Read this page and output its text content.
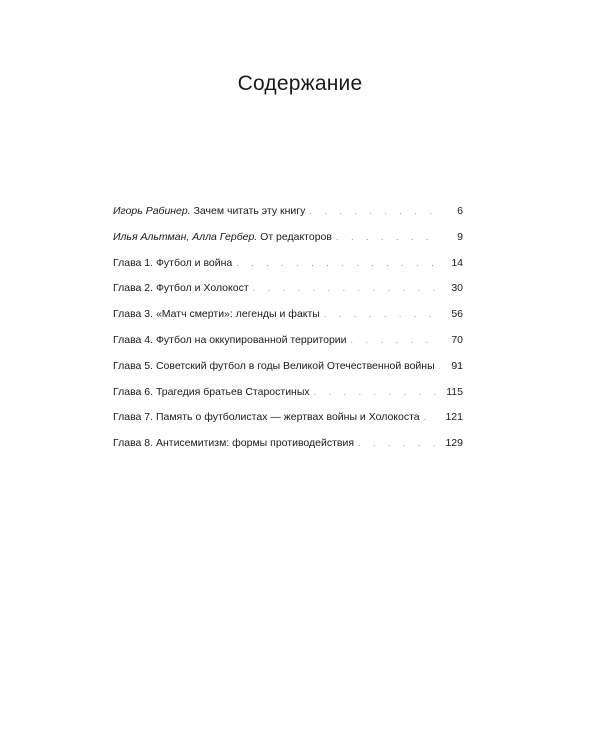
Содержание
Игорь Рабинер. Зачем читать эту книгу . . .	6
Илья Альтман, Алла Гербер. От редакторов . . .	9
Глава 1. Футбол и война . . .	14
Глава 2. Футбол и Холокост . . .	30
Глава 3. «Матч смерти»: легенды и факты . . .	56
Глава 4. Футбол на оккупированной территории . . .	70
Глава 5. Советский футбол в годы Великой Отечественной войны . . .	91
Глава 6. Трагедия братьев Старостиных . . .	115
Глава 7. Память о футболистах — жертвах войны и Холокоста . . . 121
Глава 8. Антисемитизм: формы противодействия . . .	129
